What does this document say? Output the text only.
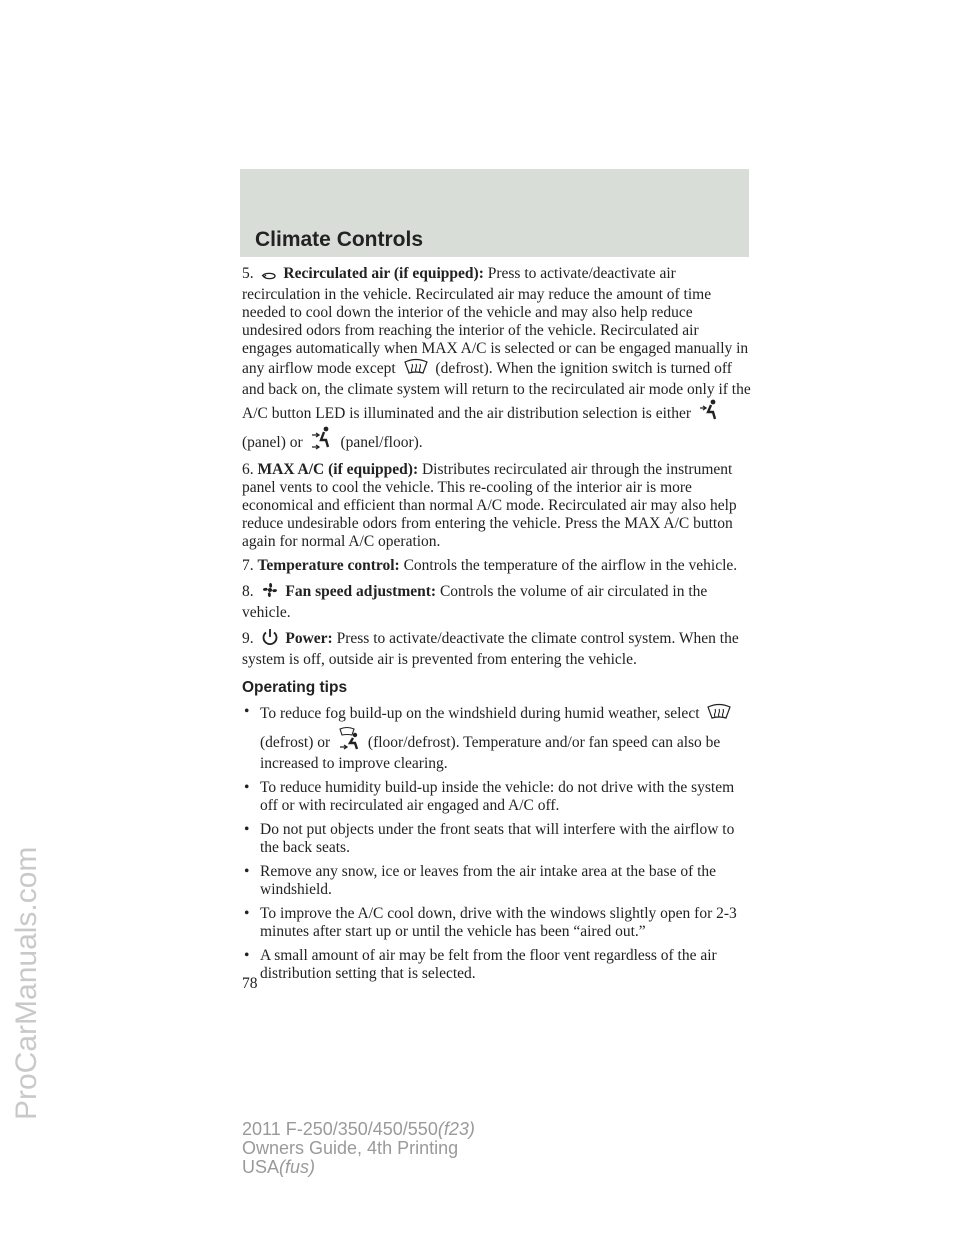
Climate Controls
ProCarManuals.com

5. Recirculated air (if equipped): Press to activate/deactivate air recirculation in the vehicle. Recirculated air may reduce the amount of time needed to cool down the interior of the vehicle and may also help reduce undesired odors from reaching the interior of the vehicle. Recirculated air engages automatically when MAX A/C is selected or can be engaged manually in any airflow mode except	(defrost). When the ignition switch is turned off and back on, the climate system will return to the recirculated air mode only if the A/C button LED is illuminated and the air distribution selection is either  (panel) or (panel/floor).

6. MAX A/C (if equipped): Distributes recirculated air through the instrument panel vents to cool the vehicle. This re-cooling of the interior air is more economical and efficient than normal A/C mode. Recirculated air may also help reduce undesirable odors from entering the vehicle. Press the MAX A/C button again for normal A/C operation.

7. Temperature control: Controls the temperature of the airflow in the vehicle.

8. Fan speed adjustment: Controls the volume of air circulated in the vehicle.

9. Power: Press to activate/deactivate the climate control system. When the system is off, outside air is prevented from entering the vehicle.

Operating tips
• To reduce fog build-up on the windshield during humid weather, select  (defrost) or (floor/defrost). Temperature and/or fan speed can also be increased to improve clearing.
• To reduce humidity build-up inside the vehicle: do not drive with the system off or with recirculated air engaged and A/C off.
• Do not put objects under the front seats that will interfere with the airflow to the back seats.
• Remove any snow, ice or leaves from the air intake area at the base of the windshield.
• To improve the A/C cool down, drive with the windows slightly open for 2-3 minutes after start up or until the vehicle has been “aired out.”
• A small amount of air may be felt from the floor vent regardless of the air distribution setting that is selected.
78
2011 F-250/350/450/550(f23)
Owners Guide, 4th Printing
USA(fus)
